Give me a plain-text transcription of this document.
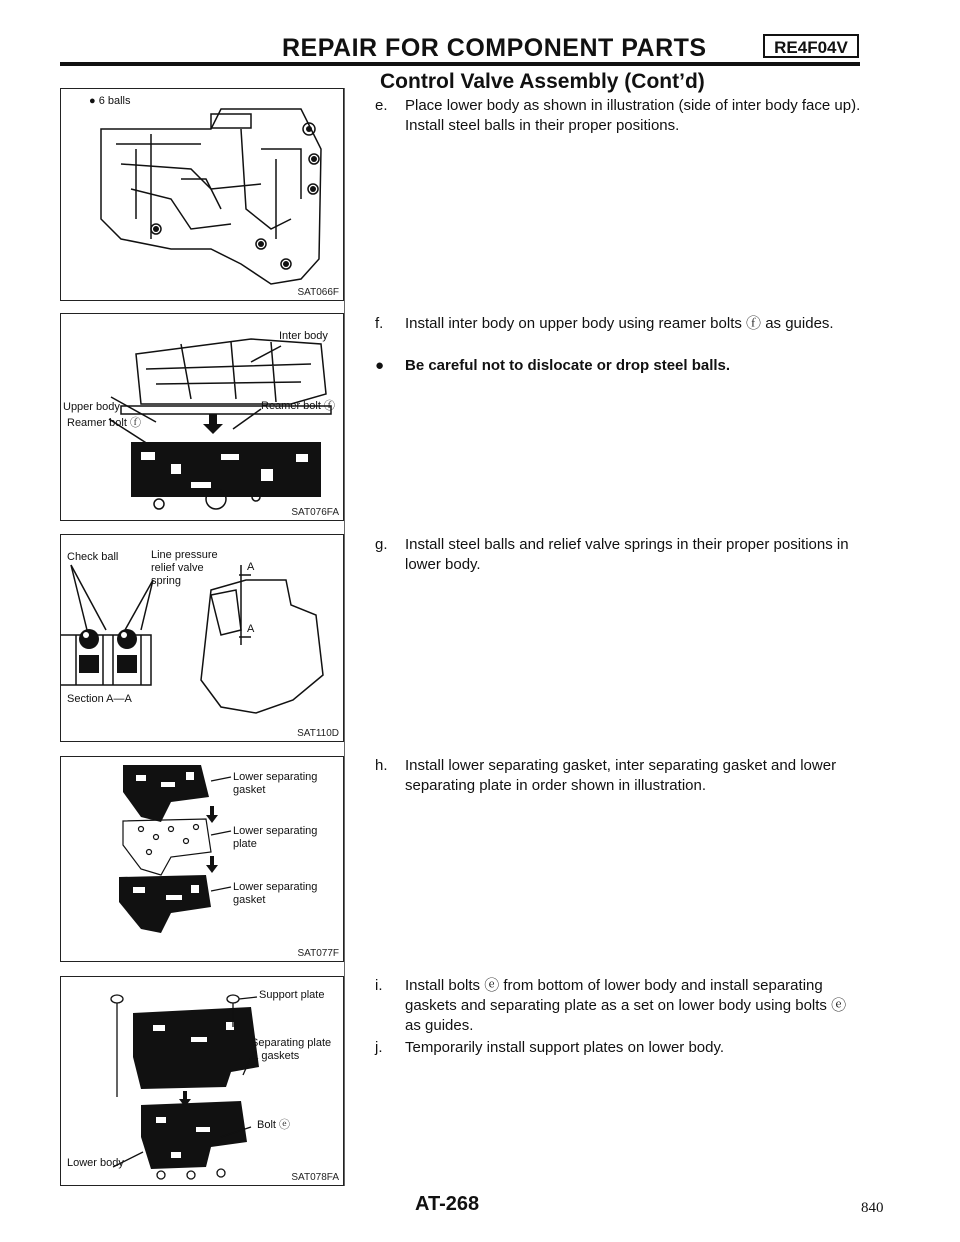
REPAIR FOR COMPONENT PARTS	RE4F04V
Control Valve Assembly (Cont’d)
● 6 balls
SAT066F
Inter body
Reamer bolt ⓕ
Upper body
Reamer bolt ⓕ
SAT076FA
Check ball	Line pressure relief valve spring
A
A
Section A—A
SAT110D
Lower separating gasket
Lower separating plate
Lower separating gasket
SAT077F
Support plate
Separating plate & gaskets
Bolt ⓔ
Lower body
SAT078FA
e.	Place lower body as shown in illustration (side of inter body face up). Install steel balls in their proper positions.
f.	Install inter body on upper body using reamer bolts ⓕ as guides.
●	Be careful not to dislocate or drop steel balls.
g.	Install steel balls and relief valve springs in their proper positions in lower body.
h.	Install lower separating gasket, inter separating gasket and lower separating plate in order shown in illustration.
i.	Install bolts ⓔ from bottom of lower body and install separating gaskets and separating plate as a set on lower body using bolts ⓔ as guides.
j.	Temporarily install support plates on lower body.
AT-268	840
